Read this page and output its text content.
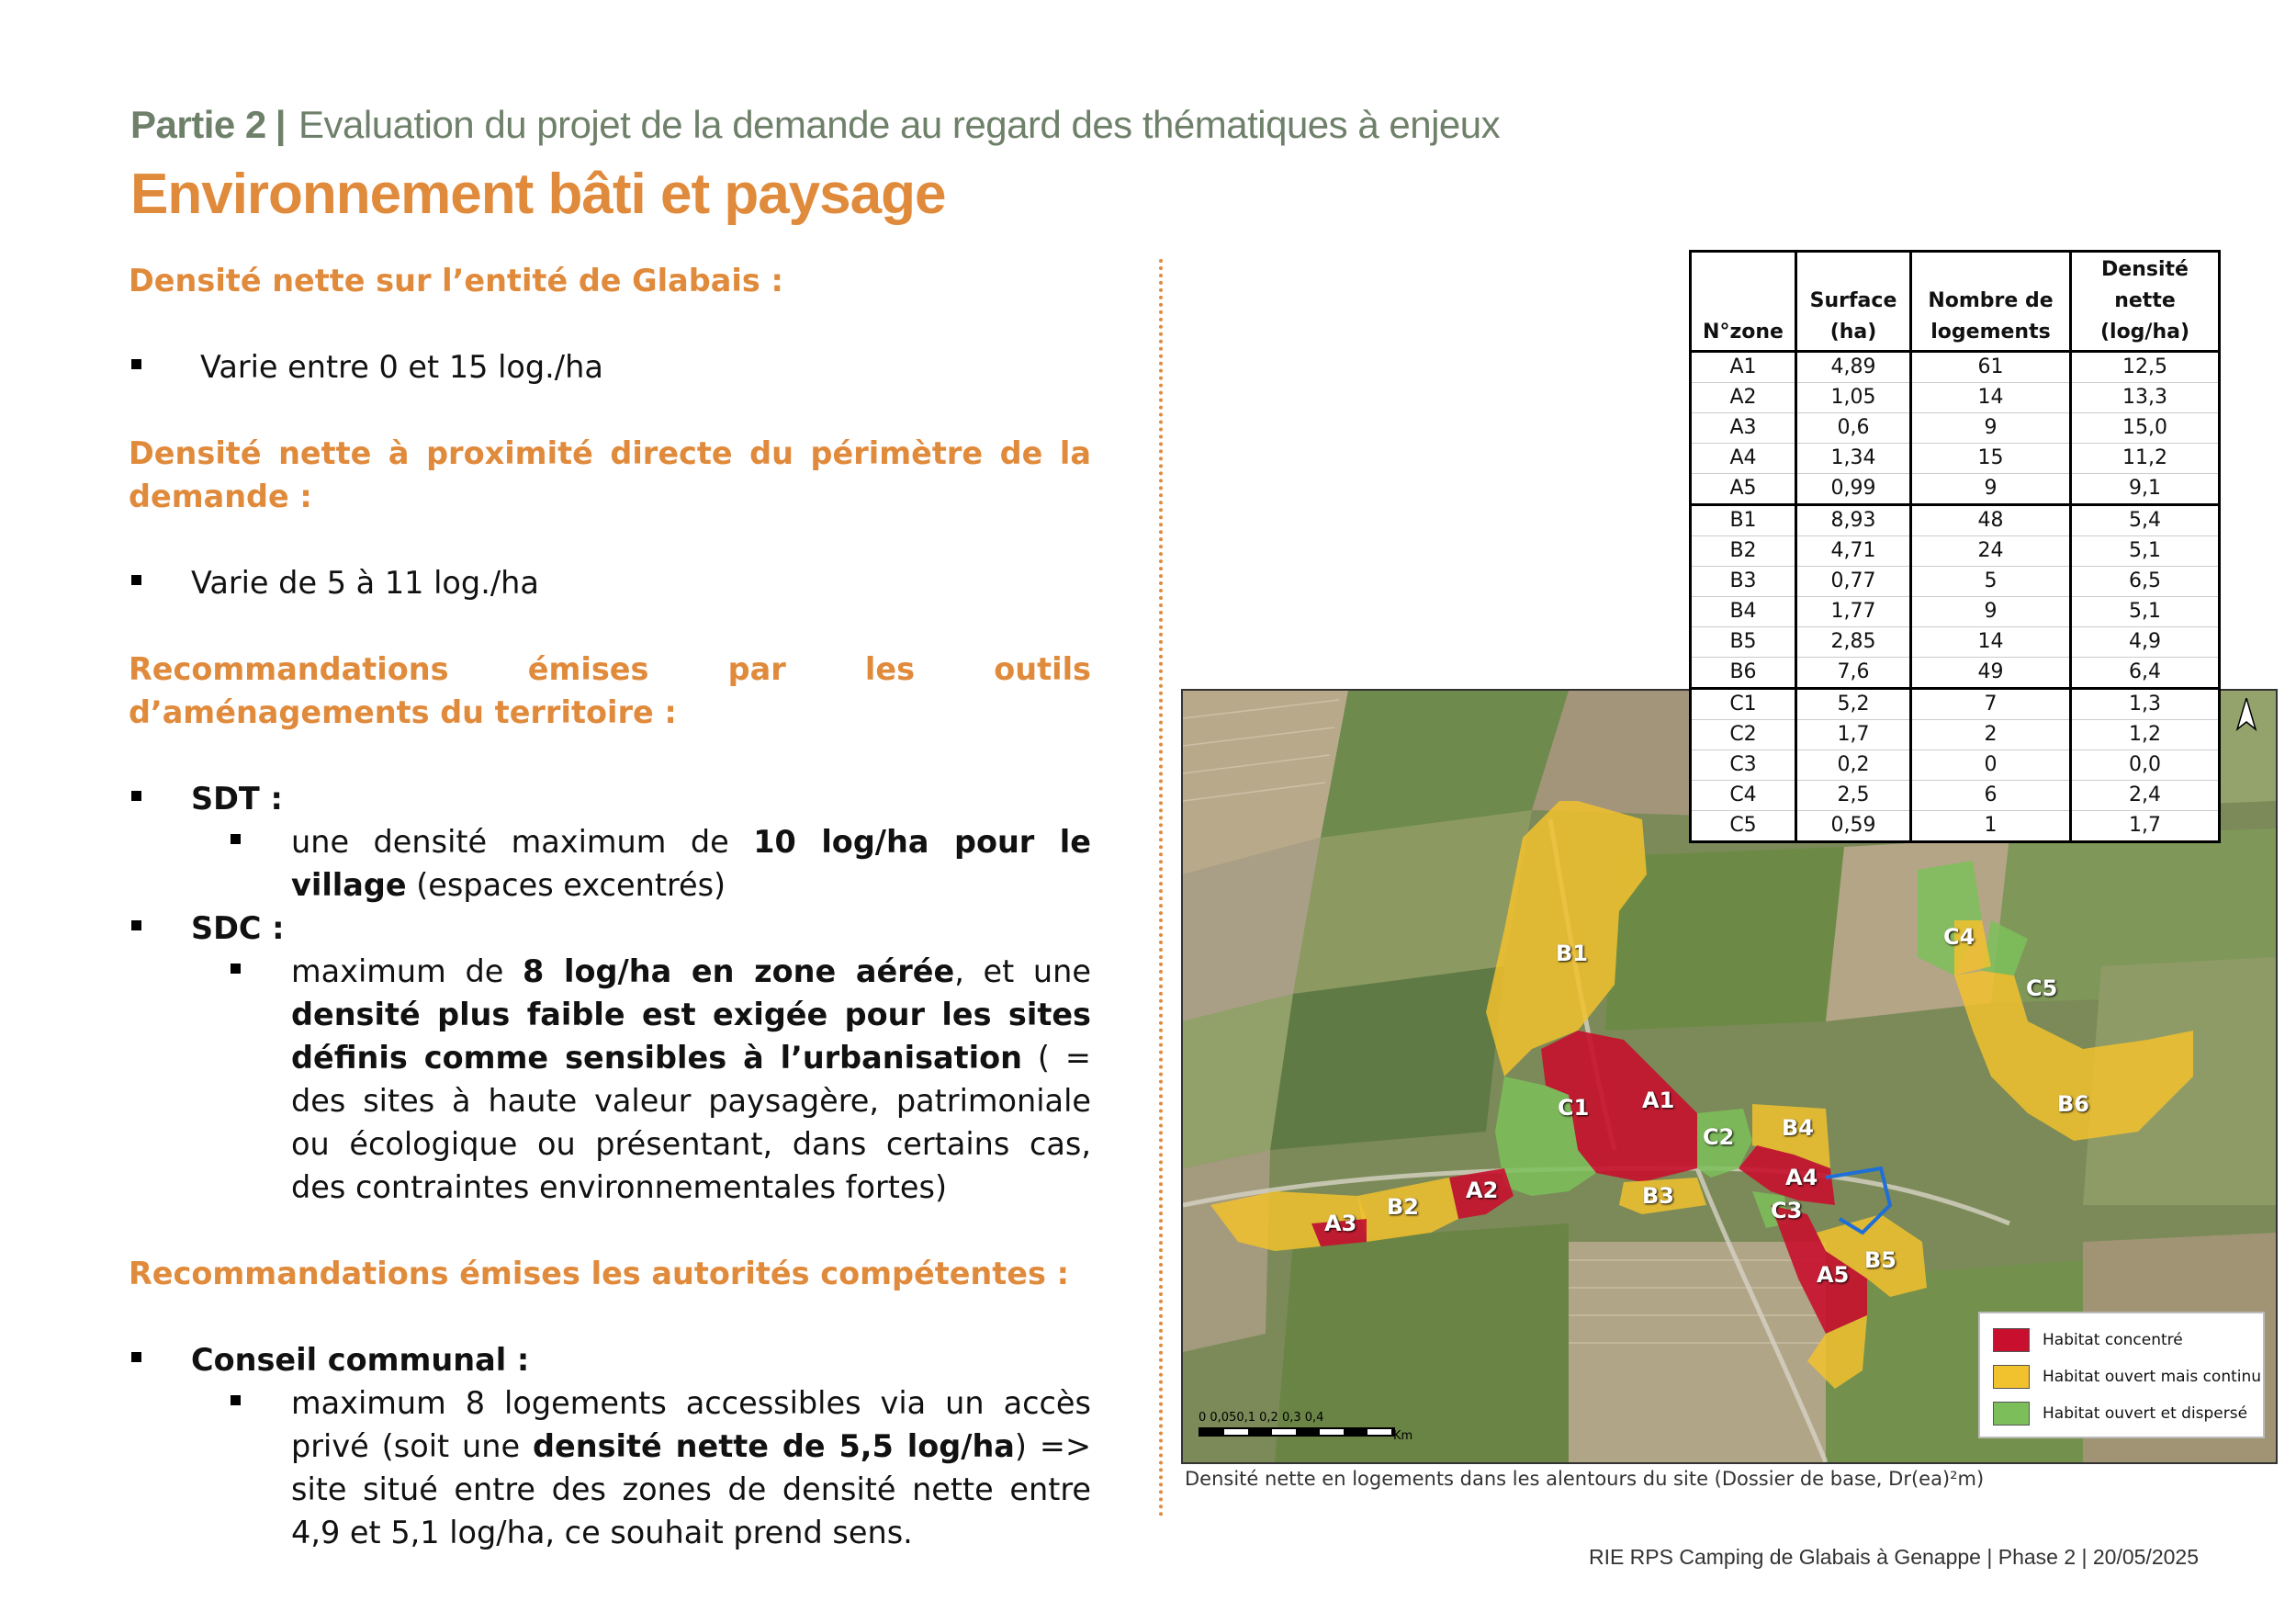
Partie 2 | Evaluation du projet de la demande au regard des thématiques à enjeux
Environnement bâti et paysage

Densité nette sur l’entité de Glabais :

Varie entre 0 et 15 log./ha

Densité nette à proximité directe du périmètre de la demande :

Varie de 5 à 11 log./ha

Recommandations émises par les outils d’aménagements du territoire :

SDT :

une densité maximum de 10 log/ha pour le village (espaces excentrés)

SDC :

maximum de 8 log/ha en zone aérée, et une densité plus faible est exigée pour les sites définis comme sensibles à l’urbanisation ( = des sites à haute valeur paysagère, patrimoniale ou écologique ou présentant, dans certains cas, des contraintes environnementales fortes)

Recommandations émises les autorités compétentes :

Conseil communal :

maximum 8 logements accessibles via un accès privé (soit une densité nette de 5,5 log/ha) => site situé entre des zones de densité nette entre 4,9 et 5,1 log/ha, ce souhait prend sens.

B1
A1
C1
C2 B4
A4
C3
B3
A2
B2
A3
A5
B5
C4
C5
B6
Habitat concentré
Habitat ouvert mais continu
Habitat ouvert et dispersé
0 0,050,1 0,2 0,3 0,4
Km
N°zone	Surface (ha)	Nombre de logements	Densité nette (log/ha)
A1	4,89	61	12,5
A2	1,05	14	13,3
A3	0,6	9	15,0
A4	1,34	15	11,2
A5	0,99	9	9,1
B1	8,93	48	5,4
B2	4,71	24	5,1
B3	0,77	5	6,5
B4	1,77	9	5,1
B5	2,85	14	4,9
B6	7,6	49	6,4
C1	5,2	7	1,3
C2	1,7	2	1,2
C3	0,2	0	0,0
C4	2,5	6	2,4
C5	0,59	1	1,7
Densité nette en logements dans les alentours du site (Dossier de base, Dr(ea)²m)
RIE RPS Camping de Glabais à Genappe | Phase 2 | 20/05/2025
